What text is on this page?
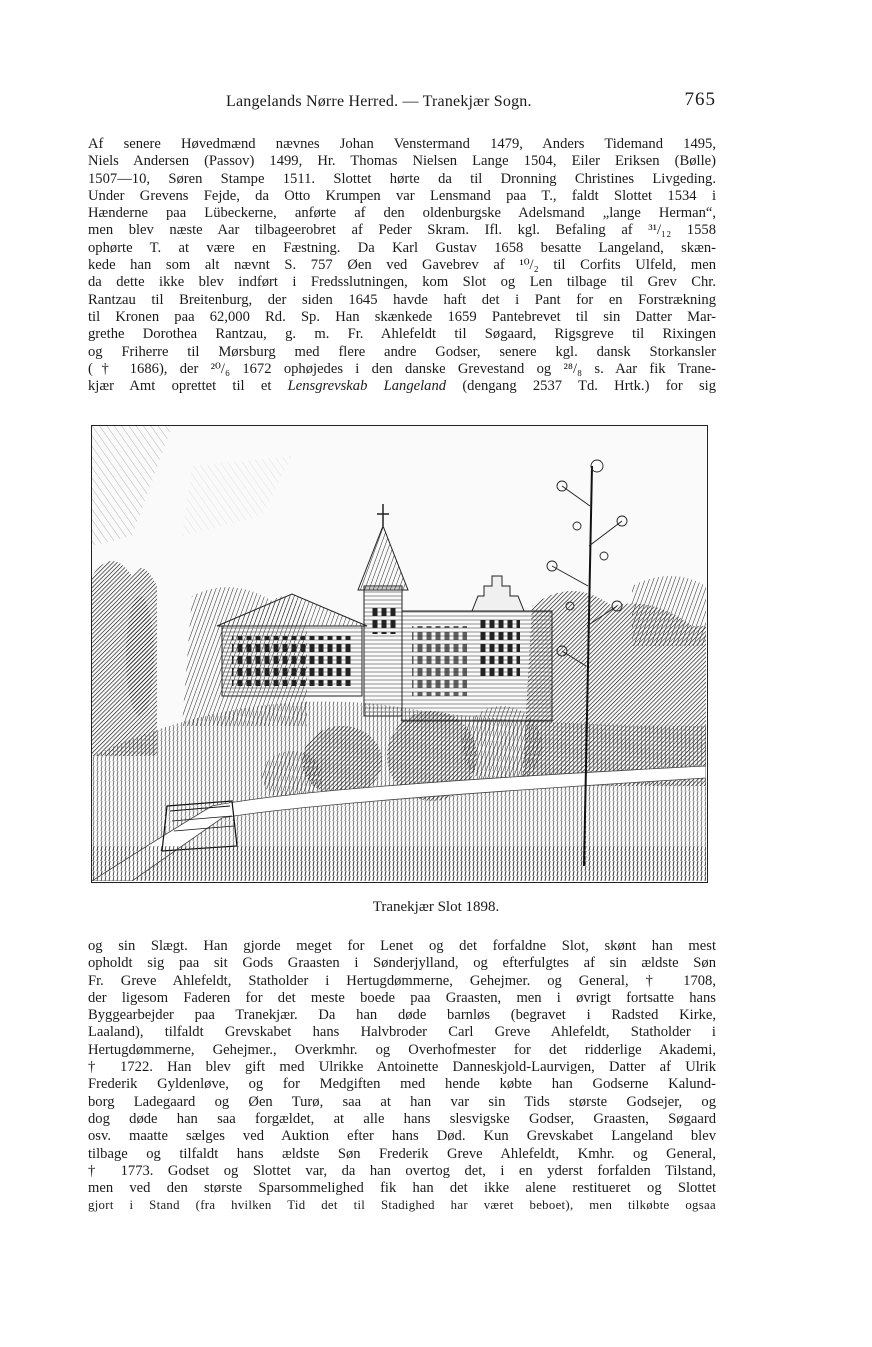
Langelands Nørre Herred. — Tranekjær Sogn.	765
Af senere Høvedmænd nævnes Johan Venstermand 1479, Anders Tidemand 1495,
Niels Andersen (Passov) 1499, Hr. Thomas Nielsen Lange 1504, Eiler Eriksen (Bølle)
1507—10, Søren Stampe 1511. Slottet hørte da til Dronning Christines Livgeding.
Under Grevens Fejde, da Otto Krumpen var Lensmand paa T., faldt Slottet 1534 i
Hænderne paa Lübeckerne, anførte af den oldenburgske Adelsmand „lange Herman“,
men blev næste Aar tilbageerobret af Peder Skram. Ifl. kgl. Befaling af ³¹/₁₂ 1558
ophørte T. at være en Fæstning. Da Karl Gustav 1658 besatte Langeland, skæn-
kede han som alt nævnt S. 757 Øen ved Gavebrev af ¹⁰/₂ til Corfits Ulfeld, men
da dette ikke blev indført i Fredsslutningen, kom Slot og Len tilbage til Grev Chr.
Rantzau til Breitenburg, der siden 1645 havde haft det i Pant for en Forstrækning
til Kronen paa 62,000 Rd. Sp. Han skænkede 1659 Pantebrevet til sin Datter Mar-
grethe Dorothea Rantzau, g. m. Fr. Ahlefeldt til Søgaard, Rigsgreve til Rixingen
og Friherre til Mørsburg med flere andre Godser, senere kgl. dansk Storkansler
(† 1686), der ²⁰/₆ 1672 ophøjedes i den danske Grevestand og ²⁸/₈ s. Aar fik Trane-
kjær Amt oprettet til et Lensgrevskab Langeland (dengang 2537 Td. Hrtk.) for sig
Tranekjær Slot 1898.
og sin Slægt. Han gjorde meget for Lenet og det forfaldne Slot, skønt han mest
opholdt sig paa sit Gods Graasten i Sønderjylland, og efterfulgtes af sin ældste Søn
Fr. Greve Ahlefeldt, Statholder i Hertugdømmerne, Gehejmer. og General, † 1708,
der ligesom Faderen for det meste boede paa Graasten, men i øvrigt fortsatte hans
Byggearbejder paa Tranekjær. Da han døde barnløs (begravet i Radsted Kirke,
Laaland), tilfaldt Grevskabet hans Halvbroder Carl Greve Ahlefeldt, Statholder i
Hertugdømmerne, Gehejmer., Overkmhr. og Overhofmester for det ridderlige Akademi,
† 1722. Han blev gift med Ulrikke Antoinette Danneskjold-Laurvigen, Datter af Ulrik
Frederik Gyldenløve, og for Medgiften med hende købte han Godserne Kalund-
borg Ladegaard og Øen Turø, saa at han var sin Tids største Godsejer, og
dog døde han saa forgældet, at alle hans slesvigske Godser, Graasten, Søgaard
osv. maatte sælges ved Auktion efter hans Død. Kun Grevskabet Langeland blev
tilbage og tilfaldt hans ældste Søn Frederik Greve Ahlefeldt, Kmhr. og General,
† 1773. Godset og Slottet var, da han overtog det, i en yderst forfalden Tilstand,
men ved den største Sparsommelighed fik han det ikke alene restitueret og Slottet
gjort i Stand (fra hvilken Tid det til Stadighed har været beboet), men tilkøbte ogsaa
